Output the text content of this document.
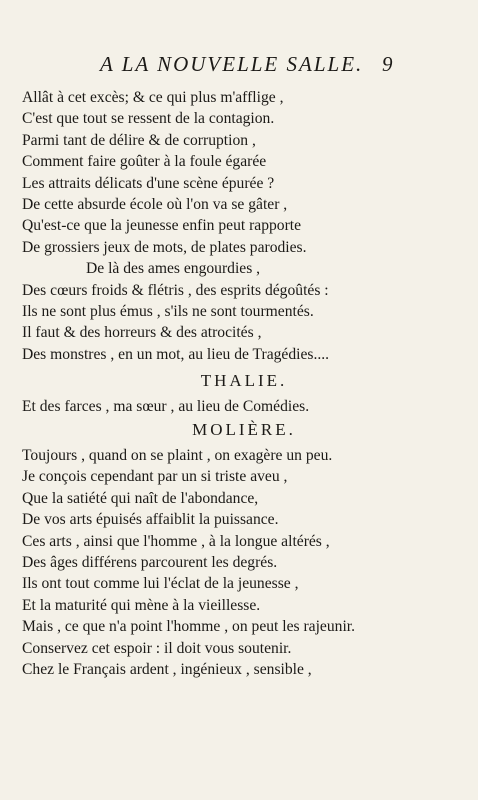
A LA NOUVELLE SALLE. 9
Allât à cet excès; & ce qui plus m'afflige ,
C'est que tout se ressent de la contagion.
Parmi tant de délire & de corruption ,
Comment faire goûter à la foule égarée
Les attraits délicats d'une scène épurée ?
De cette absurde école où l'on va se gâter ,
Qu'est-ce que la jeunesse enfin peut rapporte
De grossiers jeux de mots, de plates parodies.
De là des ames engourdies ,
Des cœurs froids & flétris , des esprits dégoûtés :
Ils ne sont plus émus , s'ils ne sont tourmentés.
Il faut & des horreurs & des atrocités ,
Des monstres , en un mot, au lieu de Tragédies....
THALIE.
Et des farces , ma sœur , au lieu de Comédies.
MOLIÈRE.
Toujours , quand on se plaint , on exagère un peu.
Je conçois cependant par un si triste aveu ,
Que la satiété qui naît de l'abondance,
De vos arts épuisés affaiblit la puissance.
Ces arts , ainsi que l'homme , à la longue altérés ,
Des âges différens parcourent les degrés.
Ils ont tout comme lui l'éclat de la jeunesse ,
Et la maturité qui mène à la vieillesse.
Mais , ce que n'a point l'homme , on peut les rajeunir.
Conservez cet espoir : il doit vous soutenir.
Chez le Français ardent , ingénieux , sensible ,
